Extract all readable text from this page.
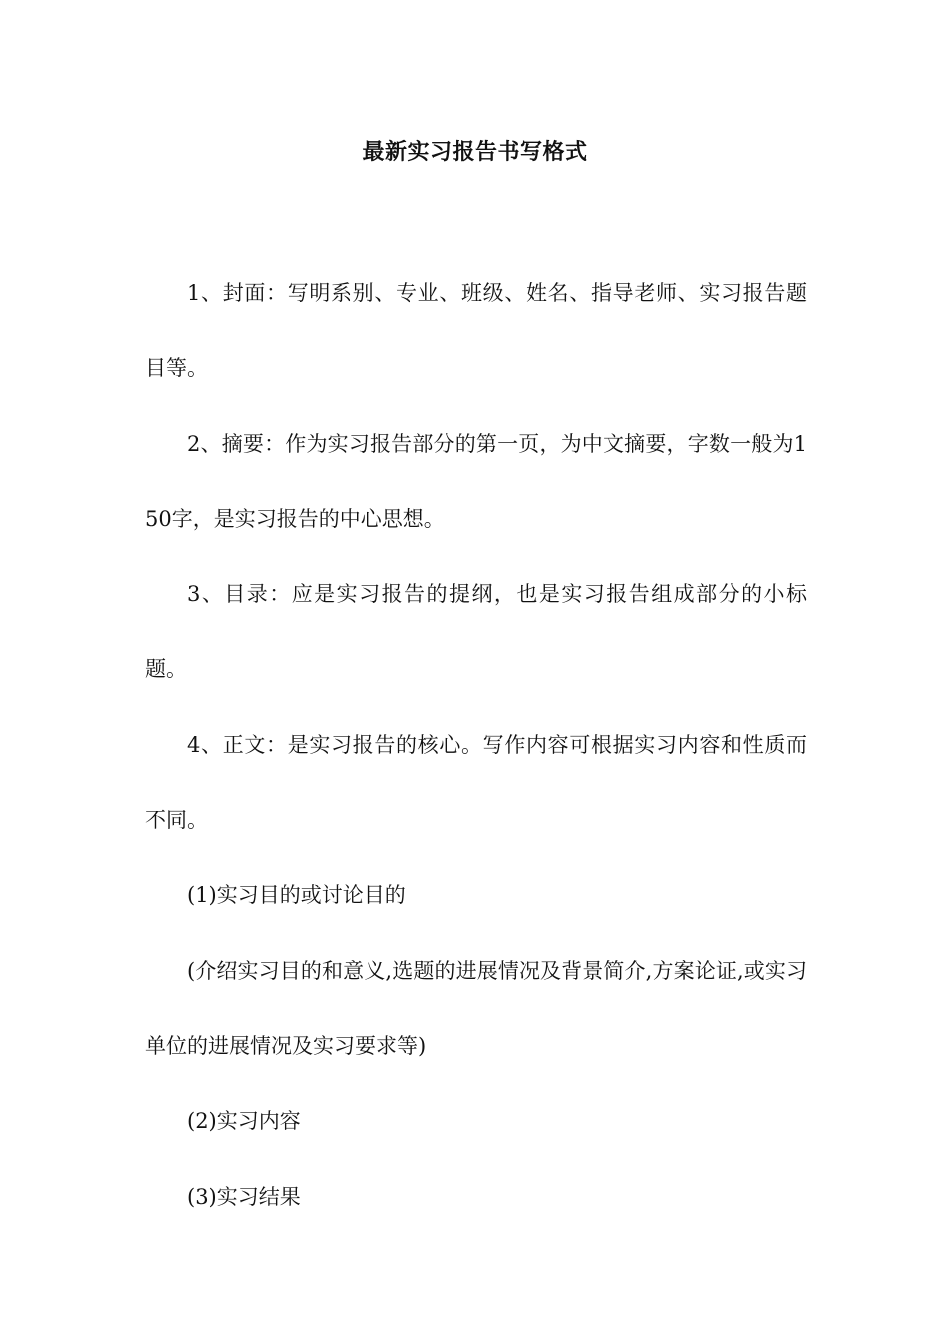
最新实习报告书写格式

1、封面：写明系别、专业、班级、姓名、指导老师、实习报告题目等。

2、摘要：作为实习报告部分的第一页，为中文摘要，字数一般为150字，是实习报告的中心思想。

3、目录：应是实习报告的提纲，也是实习报告组成部分的小标题。

4、正文：是实习报告的核心。写作内容可根据实习内容和性质而不同。

(1)实习目的或讨论目的

(介绍实习目的和意义,选题的进展情况及背景简介,方案论证,或实习单位的进展情况及实习要求等)

(2)实习内容

(3)实习结果
